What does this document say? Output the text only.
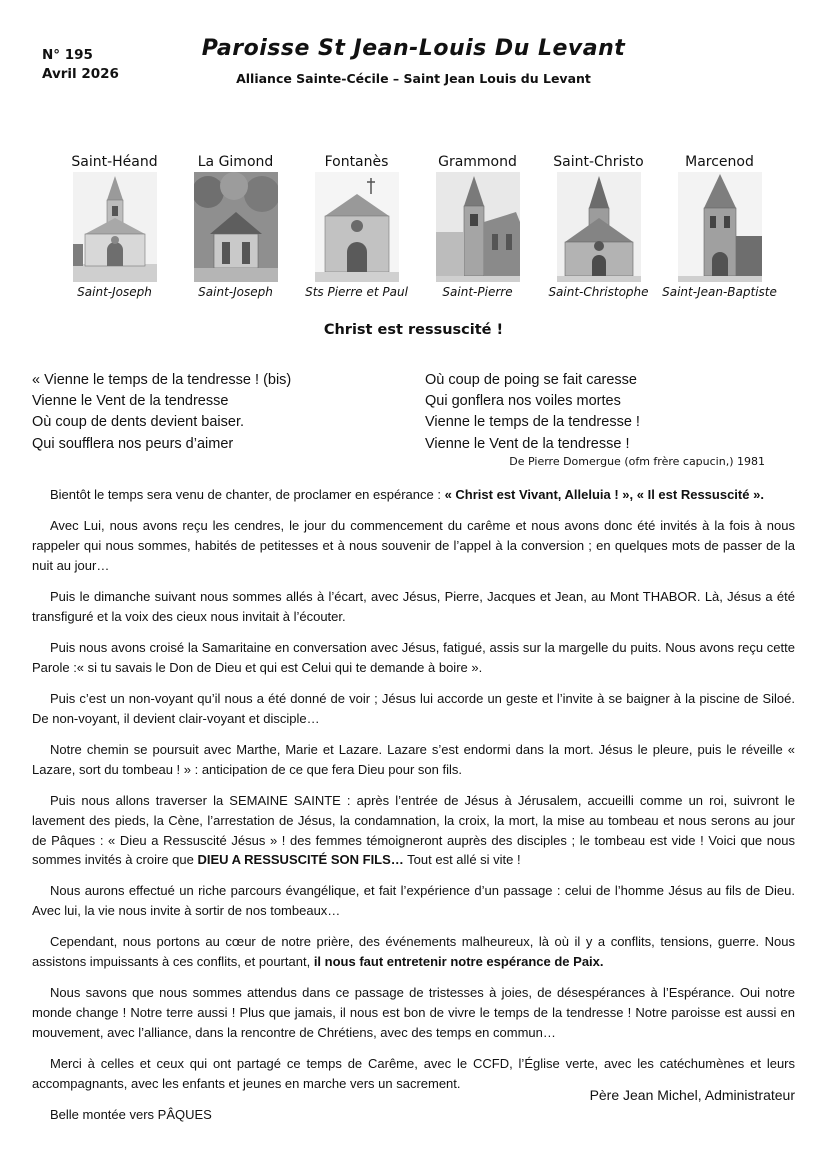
N° 195
Avril 2026
Paroisse St Jean-Louis Du Levant
Alliance Sainte-Cécile – Saint Jean Louis du Levant
Saint-Héand
Saint-Joseph
La Gimond
Saint-Joseph
Fontanès
Sts Pierre et Paul
Grammond
Saint-Pierre
Saint-Christo
Saint-Christophe
Marcenod
Saint-Jean-Baptiste
Christ est ressuscité !
« Vienne le temps de la tendresse ! (bis)
Vienne le Vent de la tendresse
Où coup de dents devient baiser.
Qui soufflera nos peurs d’aimer
Où coup de poing se fait caresse
Qui gonflera nos voiles mortes
Vienne le temps de la tendresse !
Vienne le Vent de la tendresse !
De Pierre Domergue (ofm frère capucin,) 1981

Bientôt le temps sera venu de chanter, de proclamer en espérance : « Christ est Vivant, Alleluia ! », « Il est Ressuscité ».

Avec Lui, nous avons reçu les cendres, le jour du commencement du carême et nous avons donc été invités à la fois à nous rappeler qui nous sommes, habités de petitesses et à nous souvenir de l’appel à la conversion ; en quelques mots de passer de la nuit au jour…

Puis le dimanche suivant nous sommes allés à l’écart, avec Jésus, Pierre, Jacques et Jean, au Mont THABOR. Là, Jésus a été transfiguré et la voix des cieux nous invitait à l’écouter.

Puis nous avons croisé la Samaritaine en conversation avec Jésus, fatigué, assis sur la margelle du puits. Nous avons reçu cette Parole :« si tu savais le Don de Dieu et qui est Celui qui te demande à boire ».

Puis c’est un non-voyant qu’il nous a été donné de voir ; Jésus lui accorde un geste et l’invite à se baigner à la piscine de Siloé. De non-voyant, il devient clair-voyant et disciple…

Notre chemin se poursuit avec Marthe, Marie et Lazare. Lazare s’est endormi dans la mort. Jésus le pleure, puis le réveille « Lazare, sort du tombeau ! » : anticipation de ce que fera Dieu pour son fils.

Puis nous allons traverser la SEMAINE SAINTE : après l’entrée de Jésus à Jérusalem, accueilli comme un roi, suivront le lavement des pieds, la Cène, l’arrestation de Jésus, la condamnation, la croix, la mort, la mise au tombeau et nous serons au jour de Pâques : « Dieu a Ressuscité Jésus » ! des femmes témoigneront auprès des disciples ; le tombeau est vide ! Voici que nous sommes invités à croire que DIEU A RESSUSCITÉ SON FILS… Tout est allé si vite !

Nous aurons effectué un riche parcours évangélique, et fait l’expérience d’un passage : celui de l’homme Jésus au fils de Dieu. Avec lui, la vie nous invite à sortir de nos tombeaux…

Cependant, nous portons au cœur de notre prière, des événements malheureux, là où il y a conflits, tensions, guerre. Nous assistons impuissants à ces conflits, et pourtant, il nous faut entretenir notre espérance de Paix.

Nous savons que nous sommes attendus dans ce passage de tristesses à joies, de désespérances à l’Espérance. Oui notre monde change ! Notre terre aussi ! Plus que jamais, il nous est bon de vivre le temps de la tendresse ! Notre paroisse est aussi en mouvement, avec l’alliance, dans la rencontre de Chrétiens, avec des temps en commun…

Merci à celles et ceux qui ont partagé ce temps de Carême, avec le CCFD, l’Église verte, avec les catéchumènes et leurs accompagnants, avec les enfants et jeunes en marche vers un sacrement.

Belle montée vers PÂQUES

Père Jean Michel, Administrateur
